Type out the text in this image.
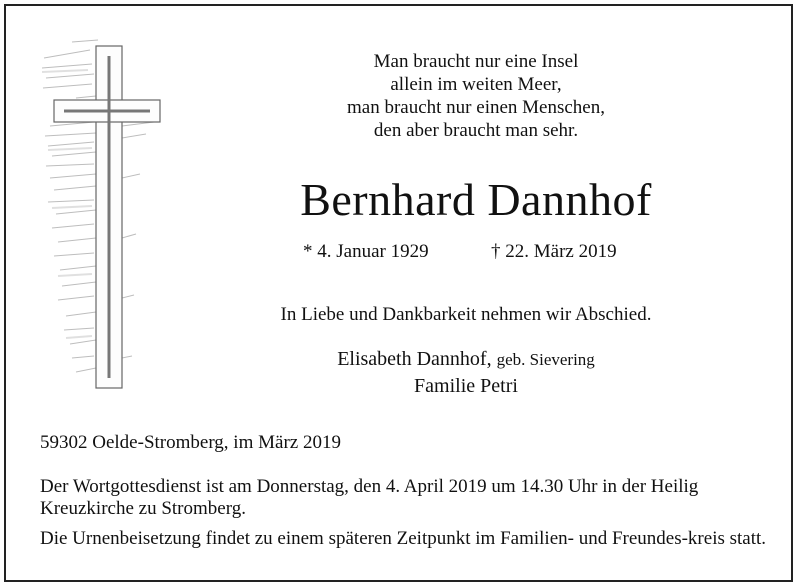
Man braucht nur eine Insel
allein im weiten Meer,
man braucht nur einen Menschen,
den aber braucht man sehr.
Bernhard Dannhof
* 4. Januar 1929	† 22. März 2019
In Liebe und Dankbarkeit nehmen wir Abschied.
Elisabeth Dannhof, geb. Sievering
Familie Petri
59302 Oelde-Stromberg, im März 2019
Der Wortgottesdienst ist am Donnerstag, den 4. April 2019 um 14.30 Uhr in der Heilig Kreuzkirche zu Stromberg.
Die Urnenbeisetzung findet zu einem späteren Zeitpunkt im Familien- und Freundes-kreis statt.
